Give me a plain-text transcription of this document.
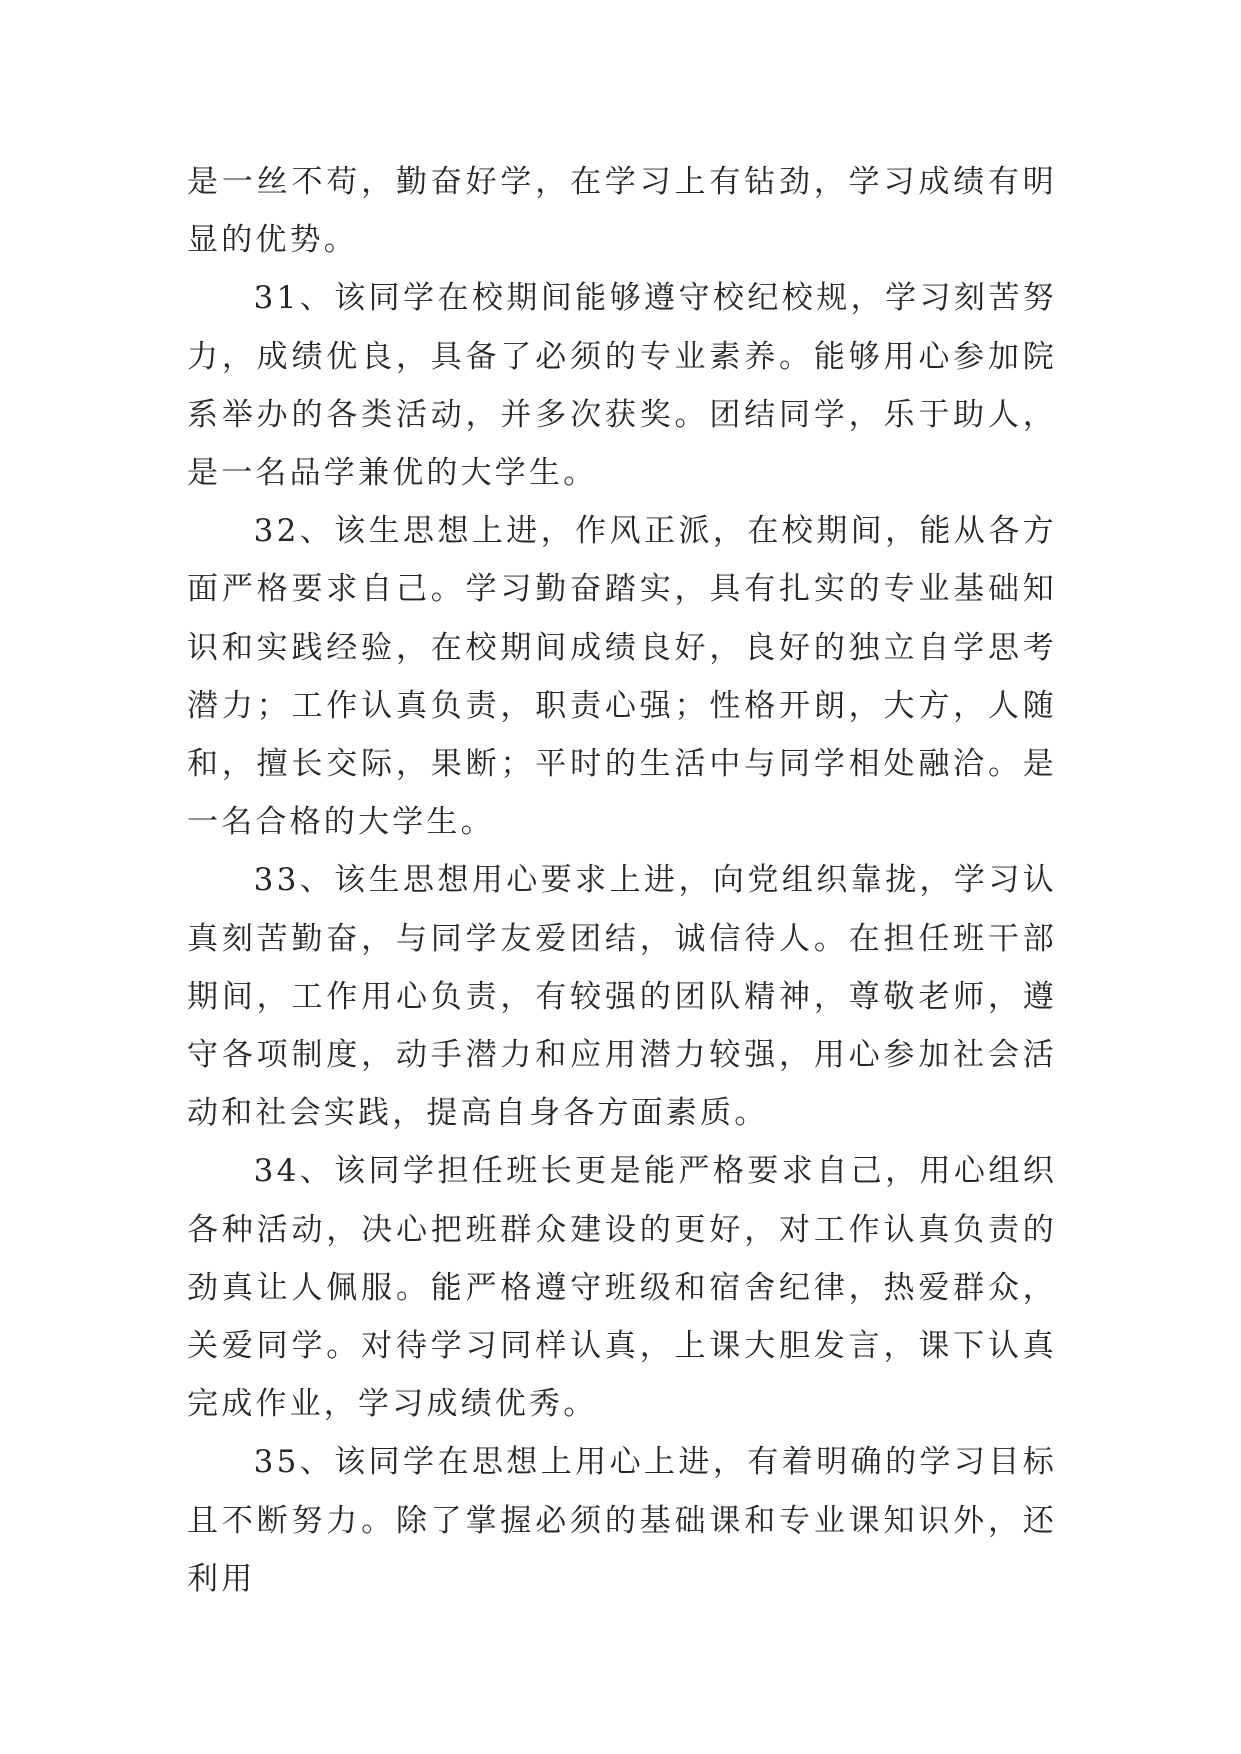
是一丝不苟，勤奋好学，在学习上有钻劲，学习成绩有明显的优势。

31、该同学在校期间能够遵守校纪校规，学习刻苦努力，成绩优良，具备了必须的专业素养。能够用心参加院系举办的各类活动，并多次获奖。团结同学，乐于助人，是一名品学兼优的大学生。

32、该生思想上进，作风正派，在校期间，能从各方面严格要求自己。学习勤奋踏实，具有扎实的专业基础知识和实践经验，在校期间成绩良好，良好的独立自学思考潜力；工作认真负责，职责心强；性格开朗，大方，人随和，擅长交际，果断；平时的生活中与同学相处融洽。是一名合格的大学生。

33、该生思想用心要求上进，向党组织靠拢，学习认真刻苦勤奋，与同学友爱团结，诚信待人。在担任班干部期间，工作用心负责，有较强的团队精神，尊敬老师，遵守各项制度，动手潜力和应用潜力较强，用心参加社会活动和社会实践，提高自身各方面素质。

34、该同学担任班长更是能严格要求自己，用心组织各种活动，决心把班群众建设的更好，对工作认真负责的劲真让人佩服。能严格遵守班级和宿舍纪律，热爱群众，关爱同学。对待学习同样认真，上课大胆发言，课下认真完成作业，学习成绩优秀。

35、该同学在思想上用心上进，有着明确的学习目标且不断努力。除了掌握必须的基础课和专业课知识外，还利用
